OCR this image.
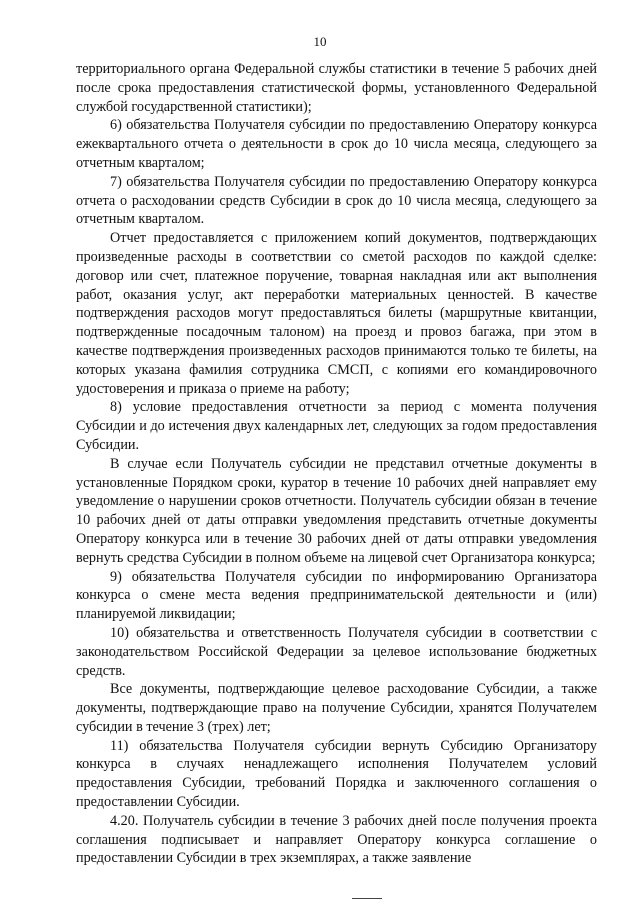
10

территориального органа Федеральной службы статистики в течение 5 рабочих дней после срока предоставления статистической формы, установленного Федеральной службой государственной статистики);

6) обязательства Получателя субсидии по предоставлению Оператору конкурса ежеквартального отчета о деятельности в срок до 10 числа месяца, следующего за отчетным кварталом;

7) обязательства Получателя субсидии по предоставлению Оператору конкурса отчета о расходовании средств Субсидии в срок до 10 числа месяца, следующего за отчетным кварталом.

Отчет предоставляется с приложением копий документов, подтверждающих произведенные расходы в соответствии со сметой расходов по каждой сделке: договор или счет, платежное поручение, товарная накладная или акт выполнения работ, оказания услуг, акт переработки материальных ценностей. В качестве подтверждения расходов могут предоставляться билеты (маршрутные квитанции, подтвержденные посадочным талоном) на проезд и провоз багажа, при этом в качестве подтверждения произведенных расходов принимаются только те билеты, на которых указана фамилия сотрудника СМСП, с копиями его командировочного удостоверения и приказа о приеме на работу;

8) условие предоставления отчетности за период с момента получения Субсидии и до истечения двух календарных лет, следующих за годом предоставления Субсидии.

В случае если Получатель субсидии не представил отчетные документы в установленные Порядком сроки, куратор в течение 10 рабочих дней направляет ему уведомление о нарушении сроков отчетности. Получатель субсидии обязан в течение 10 рабочих дней от даты отправки уведомления представить отчетные документы Оператору конкурса или в течение 30 рабочих дней от даты отправки уведомления вернуть средства Субсидии в полном объеме на лицевой счет Организатора конкурса;

9) обязательства Получателя субсидии по информированию Организатора конкурса о смене места ведения предпринимательской деятельности и (или) планируемой ликвидации;

10) обязательства и ответственность Получателя субсидии в соответствии с законодательством Российской Федерации за целевое использование бюджетных средств.

Все документы, подтверждающие целевое расходование Субсидии, а также документы, подтверждающие право на получение Субсидии, хранятся Получателем субсидии в течение 3 (трех) лет;

11) обязательства Получателя субсидии вернуть Субсидию Организатору конкурса в случаях ненадлежащего исполнения Получателем условий предоставления Субсидии, требований Порядка и заключенного соглашения о предоставлении Субсидии.

4.20. Получатель субсидии в течение 3 рабочих дней после получения проекта соглашения подписывает и направляет Оператору конкурса соглашение о предоставлении Субсидии в трех экземплярах, а также заявление
